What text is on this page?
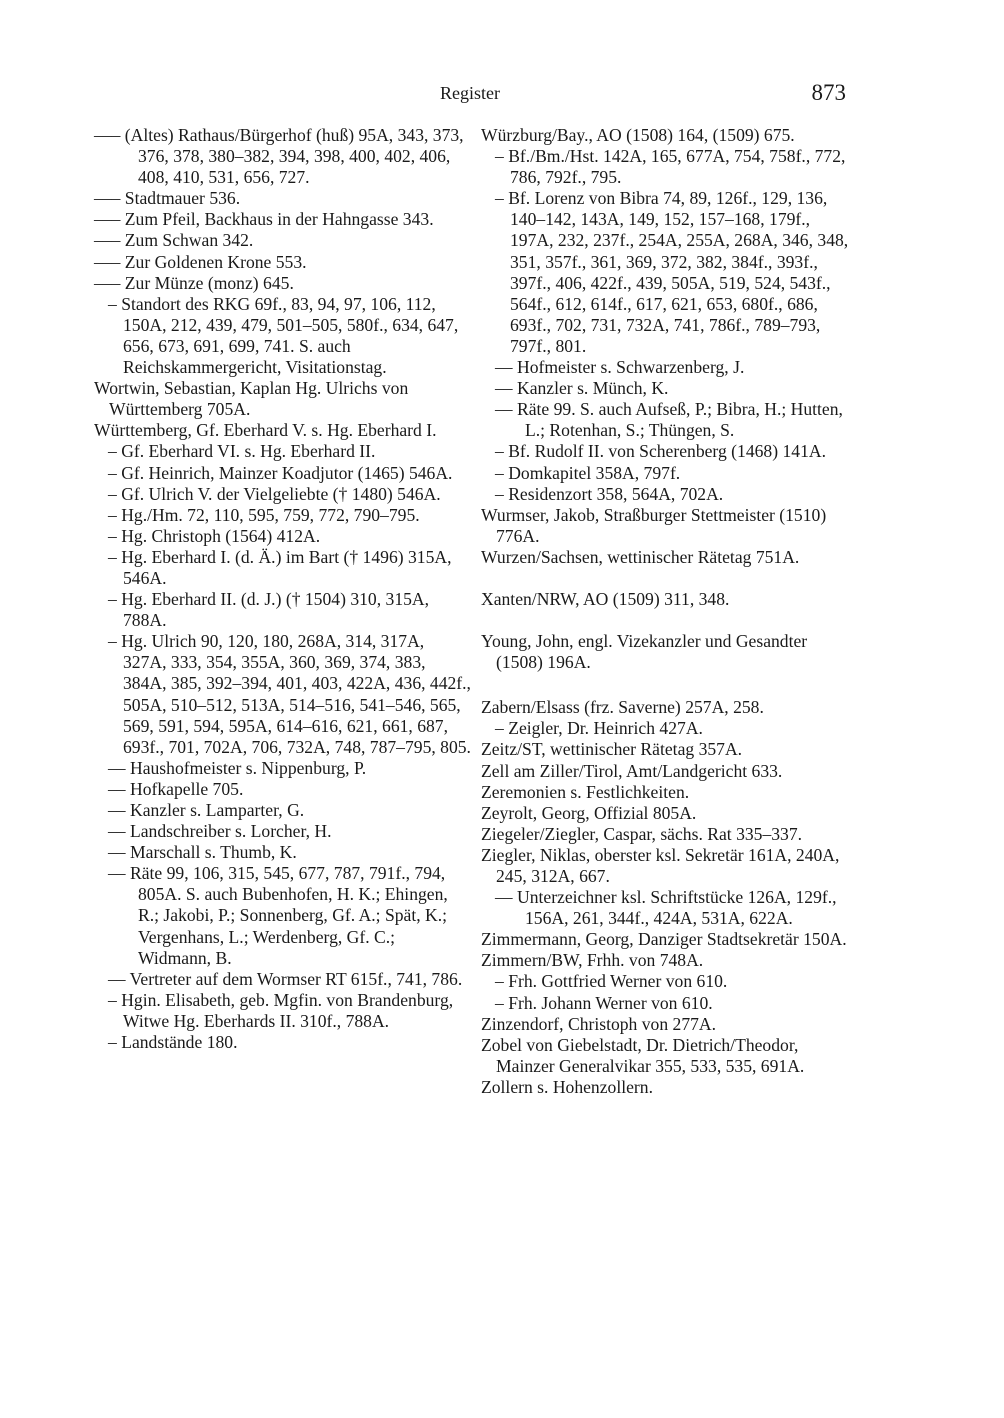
Register	873

––– (Altes) Rathaus/Bürgerhof (huß) 95A, 343, 373, 376, 378, 380–382, 394, 398, 400, 402, 406, 408, 410, 531, 656, 727.

––– Stadtmauer 536.

––– Zum Pfeil, Backhaus in der Hahngasse 343.

––– Zum Schwan 342.

––– Zur Goldenen Krone 553.

––– Zur Münze (monz) 645.

– Standort des RKG 69f., 83, 94, 97, 106, 112, 150A, 212, 439, 479, 501–505, 580f., 634, 647, 656, 673, 691, 699, 741. S. auch Reichskammergericht, Visitationstag.

Wortwin, Sebastian, Kaplan Hg. Ulrichs von Württemberg 705A.

Württemberg, Gf. Eberhard V. s. Hg. Eberhard I.

– Gf. Eberhard VI. s. Hg. Eberhard II.

– Gf. Heinrich, Mainzer Koadjutor (1465) 546A.

– Gf. Ulrich V. der Vielgeliebte († 1480) 546A.

– Hg./Hm. 72, 110, 595, 759, 772, 790–795.

– Hg. Christoph (1564) 412A.

– Hg. Eberhard I. (d. Ä.) im Bart († 1496) 315A, 546A.

– Hg. Eberhard II. (d. J.) († 1504) 310, 315A, 788A.

– Hg. Ulrich 90, 120, 180, 268A, 314, 317A, 327A, 333, 354, 355A, 360, 369, 374, 383, 384A, 385, 392–394, 401, 403, 422A, 436, 442f., 505A, 510–512, 513A, 514–516, 541–546, 565, 569, 591, 594, 595A, 614–616, 621, 661, 687, 693f., 701, 702A, 706, 732A, 748, 787–795, 805.

–– Haushofmeister s. Nippenburg, P.

–– Hofkapelle 705.

–– Kanzler s. Lamparter, G.

–– Landschreiber s. Lorcher, H.

–– Marschall s. Thumb, K.

–– Räte 99, 106, 315, 545, 677, 787, 791f., 794, 805A. S. auch Bubenhofen, H. K.; Ehingen, R.; Jakobi, P.; Sonnenberg, Gf. A.; Spät, K.; Vergenhans, L.; Werdenberg, Gf. C.; Widmann, B.

–– Vertreter auf dem Wormser RT 615f., 741, 786.

– Hgin. Elisabeth, geb. Mgfin. von Brandenburg, Witwe Hg. Eberhards II. 310f., 788A.

– Landstände 180.

Würzburg/Bay., AO (1508) 164, (1509) 675.

– Bf./Bm./Hst. 142A, 165, 677A, 754, 758f., 772, 786, 792f., 795.

– Bf. Lorenz von Bibra 74, 89, 126f., 129, 136, 140–142, 143A, 149, 152, 157–168, 179f., 197A, 232, 237f., 254A, 255A, 268A, 346, 348, 351, 357f., 361, 369, 372, 382, 384f., 393f., 397f., 406, 422f., 439, 505A, 519, 524, 543f., 564f., 612, 614f., 617, 621, 653, 680f., 686, 693f., 702, 731, 732A, 741, 786f., 789–793, 797f., 801.

–– Hofmeister s. Schwarzenberg, J.

–– Kanzler s. Münch, K.

–– Räte 99. S. auch Aufseß, P.; Bibra, H.; Hutten, L.; Rotenhan, S.; Thüngen, S.

– Bf. Rudolf II. von Scherenberg (1468) 141A.

– Domkapitel 358A, 797f.

– Residenzort 358, 564A, 702A.

Wurmser, Jakob, Straßburger Stettmeister (1510) 776A.

Wurzen/Sachsen, wettinischer Rätetag 751A.

Xanten/NRW, AO (1509) 311, 348.

Young, John, engl. Vizekanzler und Gesandter (1508) 196A.

Zabern/Elsass (frz. Saverne) 257A, 258.

– Zeigler, Dr. Heinrich 427A.

Zeitz/ST, wettinischer Rätetag 357A.

Zell am Ziller/Tirol, Amt/Landgericht 633.

Zeremonien s. Festlichkeiten.

Zeyrolt, Georg, Offizial 805A.

Ziegeler/Ziegler, Caspar, sächs. Rat 335–337.

Ziegler, Niklas, oberster ksl. Sekretär 161A, 240A, 245, 312A, 667.

–– Unterzeichner ksl. Schriftstücke 126A, 129f., 156A, 261, 344f., 424A, 531A, 622A.

Zimmermann, Georg, Danziger Stadtsekretär 150A.

Zimmern/BW, Frhh. von 748A.

– Frh. Gottfried Werner von 610.

– Frh. Johann Werner von 610.

Zinzendorf, Christoph von 277A.

Zobel von Giebelstadt, Dr. Dietrich/Theodor, Mainzer Generalvikar 355, 533, 535, 691A.

Zollern s. Hohenzollern.
